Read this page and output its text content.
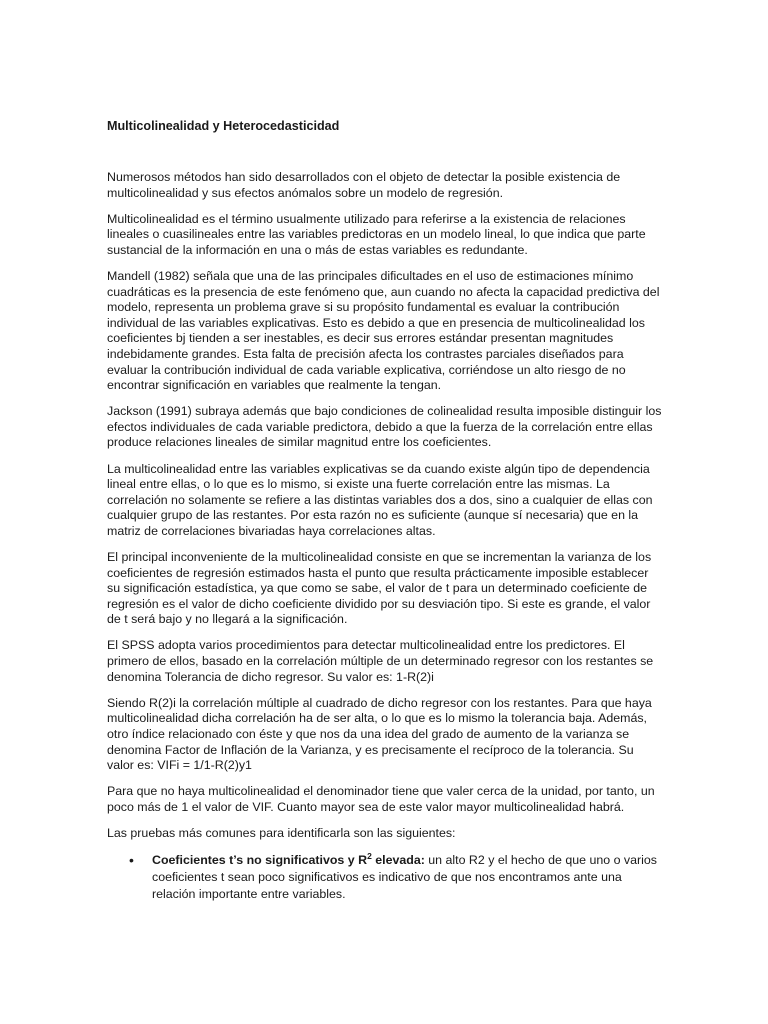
Multicolinealidad y Heterocedasticidad

Numerosos métodos han sido desarrollados con el objeto de detectar la posible existencia de multicolinealidad y sus efectos anómalos sobre un modelo de regresión.

Multicolinealidad es el término usualmente utilizado para referirse a la existencia de relaciones lineales o cuasilineales entre las variables predictoras en un modelo lineal, lo que indica que parte sustancial de la información en una o más de estas variables es redundante.

Mandell (1982) señala que una de las principales dificultades en el uso de estimaciones mínimo cuadráticas es la presencia de este fenómeno que, aun cuando no afecta la capacidad predictiva del modelo, representa un problema grave si su propósito fundamental es evaluar la contribución individual de las variables explicativas. Esto es debido a que en presencia de multicolinealidad los coeficientes bj tienden a ser inestables, es decir sus errores estándar presentan magnitudes indebidamente grandes. Esta falta de precisión afecta los contrastes parciales diseñados para evaluar la contribución individual de cada variable explicativa, corriéndose un alto riesgo de no encontrar significación en variables que realmente la tengan.

Jackson (1991) subraya además que bajo condiciones de colinealidad resulta imposible distinguir los efectos individuales de cada variable predictora, debido a que la fuerza de la correlación entre ellas produce relaciones lineales de similar magnitud entre los coeficientes.

La multicolinealidad entre las variables explicativas se da cuando existe algún tipo de dependencia lineal entre ellas, o lo que es lo mismo, si existe una fuerte correlación entre las mismas. La correlación no solamente se refiere a las distintas variables dos a dos, sino a cualquier de ellas con cualquier grupo de las restantes. Por esta razón no es suficiente (aunque sí necesaria) que en la matriz de correlaciones bivariadas haya correlaciones altas.

El principal inconveniente de la multicolinealidad consiste en que se incrementan la varianza de los coeficientes de regresión estimados hasta el punto que resulta prácticamente imposible establecer su significación estadística, ya que como se sabe, el valor de t para un determinado coeficiente de regresión es el valor de dicho coeficiente dividido por su desviación tipo. Si este es grande, el valor de t será bajo y no llegará a la significación.

El SPSS adopta varios procedimientos para detectar multicolinealidad entre los predictores. El primero de ellos, basado en la correlación múltiple de un determinado regresor con los restantes se denomina Tolerancia de dicho regresor. Su valor es: 1-R(2)i

Siendo R(2)i la correlación múltiple al cuadrado de dicho regresor con los restantes. Para que haya multicolinealidad dicha correlación ha de ser alta, o lo que es lo mismo la tolerancia baja. Además, otro índice relacionado con éste y que nos da una idea del grado de aumento de la varianza se denomina Factor de Inflación de la Varianza, y es precisamente el recíproco de la tolerancia. Su valor es: VIFi = 1/1-R(2)y1

Para que no haya multicolinealidad el denominador tiene que valer cerca de la unidad, por tanto, un poco más de 1 el valor de VIF. Cuanto mayor sea de este valor mayor multicolinealidad habrá.

Las pruebas más comunes para identificarla son las siguientes:

• Coeficientes t’s no significativos y $R^2$ elevada: un alto R2 y el hecho de que uno o varios coeficientes t sean poco significativos es indicativo de que nos encontramos ante una relación importante entre variables.
